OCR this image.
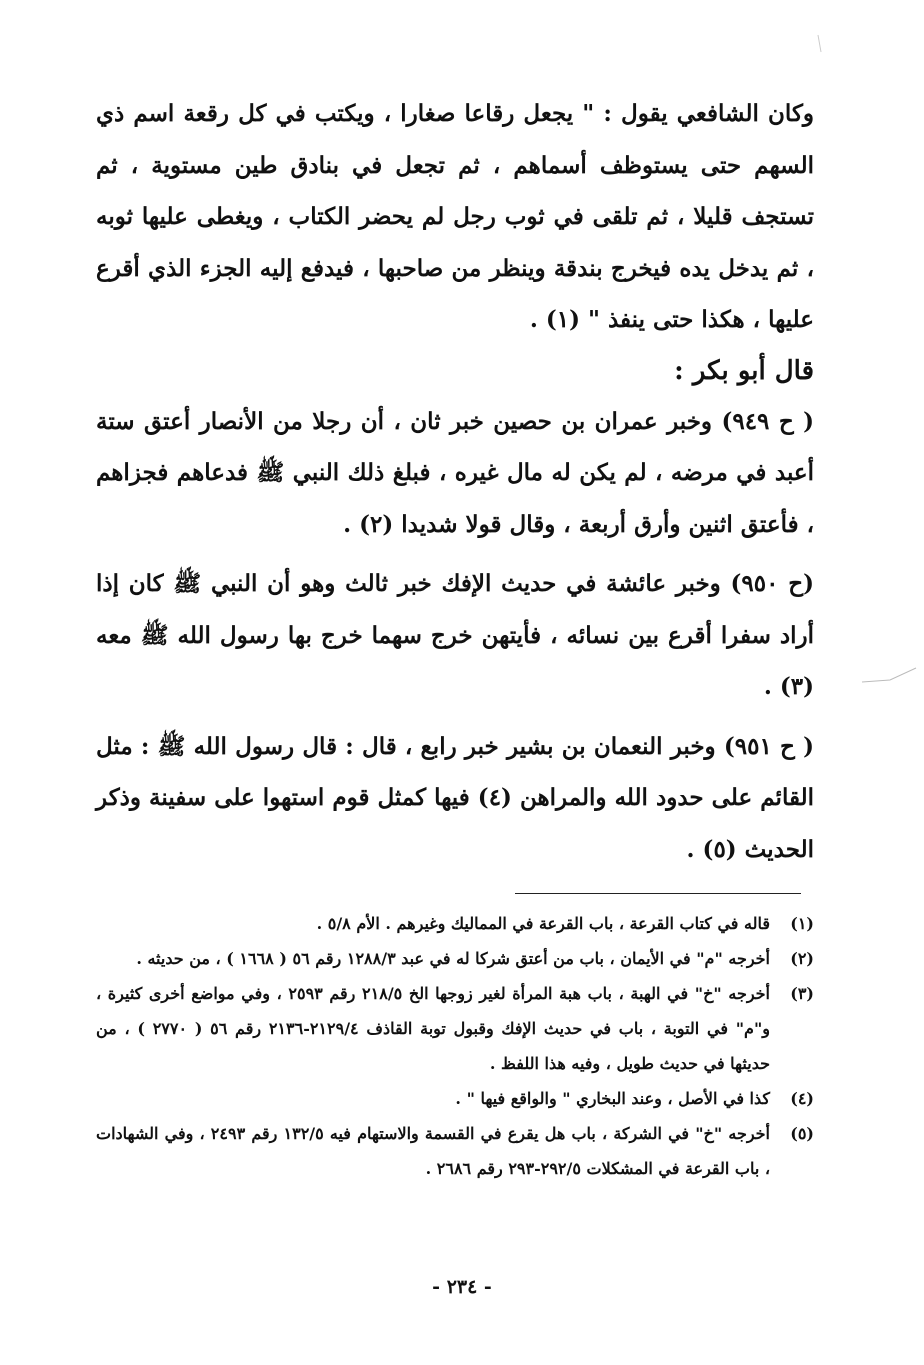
وكان الشافعي يقول : " يجعل رقاعا صغارا ، ويكتب في كل رقعة اسم ذي السهم حتى يستوظف أسماهم ، ثم تجعل في بنادق طين مستوية ، ثم تستجف قليلا ، ثم تلقى في ثوب رجل لم يحضر الكتاب ، ويغطى عليها ثوبه ، ثم يدخل يده فيخرج بندقة وينظر من صاحبها ، فيدفع إليه الجزء الذي أقرع عليها ، هكذا حتى ينفذ " (١) .

قال أبو بكر :

( ح ٩٤٩) وخبر عمران بن حصين خبر ثان ، أن رجلا من الأنصار أعتق ستة أعبد في مرضه ، لم يكن له مال غيره ، فبلغ ذلك النبي ﷺ فدعاهم فجزاهم ، فأعتق اثنين وأرق أربعة ، وقال قولا شديدا (٢) .

(ح ٩٥٠) وخبر عائشة في حديث الإفك خبر ثالث وهو أن النبي ﷺ كان إذا أراد سفرا أقرع بين نسائه ، فأيتهن خرج سهما خرج بها رسول الله ﷺ معه (٣) .

( ح ٩٥١) وخبر النعمان بن بشير خبر رابع ، قال : قال رسول الله ﷺ : مثل القائم على حدود الله والمراهن (٤) فيها كمثل قوم استهوا على سفينة وذكر الحديث (٥) .

(١)
قاله في كتاب القرعة ، باب القرعة في المماليك وغيرهم . الأم ٥/٨ .
(٢)
أخرجه "م" في الأيمان ، باب من أعتق شركا له في عبد ١٢٨٨/٣ رقم ٥٦ ( ١٦٦٨ ) ، من حديثه .
(٣)
أخرجه "خ" في الهبة ، باب هبة المرأة لغير زوجها الخ ٢١٨/٥ رقم ٢٥٩٣ ، وفي مواضع أخرى كثيرة ، و"م" في التوبة ، باب في حديث الإفك وقبول توبة القاذف ٢١٢٩/٤-٢١٣٦ رقم ٥٦ ( ٢٧٧٠ ) ، من حديثها في حديث طويل ، وفيه هذا اللفظ .
(٤)
كذا في الأصل ، وعند البخاري " والواقع فيها " .
(٥)
أخرجه "خ" في الشركة ، باب هل يقرع في القسمة والاستهام فيه ١٣٢/٥ رقم ٢٤٩٣ ، وفي الشهادات ، باب القرعة في المشكلات ٢٩٢/٥-٢٩٣ رقم ٢٦٨٦ .
- ٢٣٤ -
